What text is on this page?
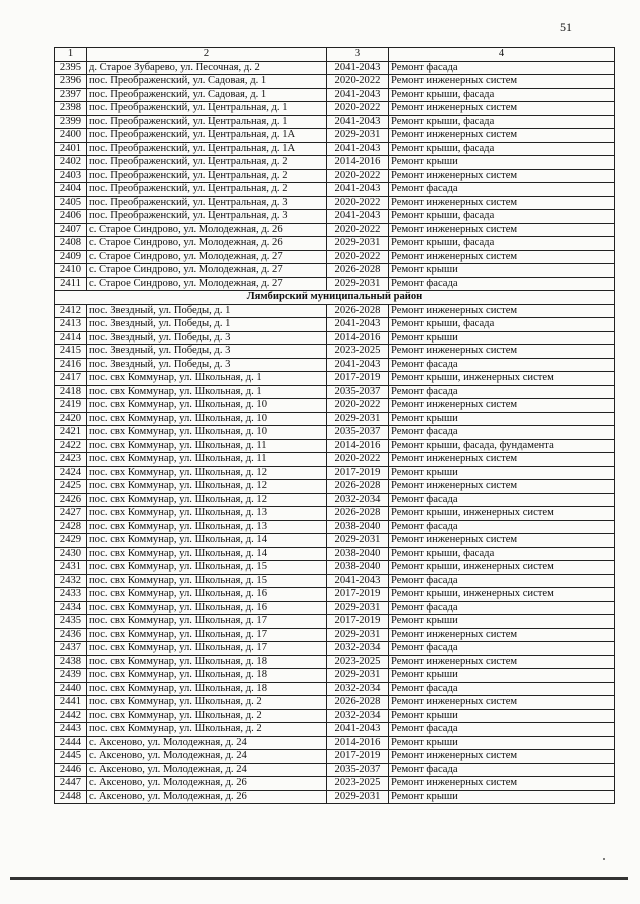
51
1	2	3	4
2395	д. Старое Зубарево, ул. Песочная, д. 2	2041-2043	Ремонт фасада
2396	пос. Преображенский, ул. Садовая, д. 1	2020-2022	Ремонт инженерных систем
2397	пос. Преображенский, ул. Садовая, д. 1	2041-2043	Ремонт крыши, фасада
2398	пос. Преображенский, ул. Центральная, д. 1	2020-2022	Ремонт инженерных систем
2399	пос. Преображенский, ул. Центральная, д. 1	2041-2043	Ремонт крыши, фасада
2400	пос. Преображенский, ул. Центральная, д. 1А	2029-2031	Ремонт инженерных систем
2401	пос. Преображенский, ул. Центральная, д. 1А	2041-2043	Ремонт крыши, фасада
2402	пос. Преображенский, ул. Центральная, д. 2	2014-2016	Ремонт крыши
2403	пос. Преображенский, ул. Центральная, д. 2	2020-2022	Ремонт инженерных систем
2404	пос. Преображенский, ул. Центральная, д. 2	2041-2043	Ремонт фасада
2405	пос. Преображенский, ул. Центральная, д. 3	2020-2022	Ремонт инженерных систем
2406	пос. Преображенский, ул. Центральная, д. 3	2041-2043	Ремонт крыши, фасада
2407	с. Старое Синдрово, ул. Молодежная, д. 26	2020-2022	Ремонт инженерных систем
2408	с. Старое Синдрово, ул. Молодежная, д. 26	2029-2031	Ремонт крыши, фасада
2409	с. Старое Синдрово, ул. Молодежная, д. 27	2020-2022	Ремонт инженерных систем
2410	с. Старое Синдрово, ул. Молодежная, д. 27	2026-2028	Ремонт крыши
2411	с. Старое Синдрово, ул. Молодежная, д. 27	2029-2031	Ремонт фасада
Лямбирский муниципальный район			
2412	пос. Звездный, ул. Победы, д. 1	2026-2028	Ремонт инженерных систем
2413	пос. Звездный, ул. Победы, д. 1	2041-2043	Ремонт крыши, фасада
2414	пос. Звездный, ул. Победы, д. 3	2014-2016	Ремонт крыши
2415	пос. Звездный, ул. Победы, д. 3	2023-2025	Ремонт инженерных систем
2416	пос. Звездный, ул. Победы, д. 3	2041-2043	Ремонт фасада
2417	пос. свх Коммунар, ул. Школьная, д. 1	2017-2019	Ремонт крыши, инженерных систем
2418	пос. свх Коммунар, ул. Школьная, д. 1	2035-2037	Ремонт фасада
2419	пос. свх Коммунар, ул. Школьная, д. 10	2020-2022	Ремонт инженерных систем
2420	пос. свх Коммунар, ул. Школьная, д. 10	2029-2031	Ремонт крыши
2421	пос. свх Коммунар, ул. Школьная, д. 10	2035-2037	Ремонт фасада
2422	пос. свх Коммунар, ул. Школьная, д. 11	2014-2016	Ремонт крыши, фасада, фундамента
2423	пос. свх Коммунар, ул. Школьная, д. 11	2020-2022	Ремонт инженерных систем
2424	пос. свх Коммунар, ул. Школьная, д. 12	2017-2019	Ремонт крыши
2425	пос. свх Коммунар, ул. Школьная, д. 12	2026-2028	Ремонт инженерных систем
2426	пос. свх Коммунар, ул. Школьная, д. 12	2032-2034	Ремонт фасада
2427	пос. свх Коммунар, ул. Школьная, д. 13	2026-2028	Ремонт крыши, инженерных систем
2428	пос. свх Коммунар, ул. Школьная, д. 13	2038-2040	Ремонт фасада
2429	пос. свх Коммунар, ул. Школьная, д. 14	2029-2031	Ремонт инженерных систем
2430	пос. свх Коммунар, ул. Школьная, д. 14	2038-2040	Ремонт крыши, фасада
2431	пос. свх Коммунар, ул. Школьная, д. 15	2038-2040	Ремонт крыши, инженерных систем
2432	пос. свх Коммунар, ул. Школьная, д. 15	2041-2043	Ремонт фасада
2433	пос. свх Коммунар, ул. Школьная, д. 16	2017-2019	Ремонт крыши, инженерных систем
2434	пос. свх Коммунар, ул. Школьная, д. 16	2029-2031	Ремонт фасада
2435	пос. свх Коммунар, ул. Школьная, д. 17	2017-2019	Ремонт крыши
2436	пос. свх Коммунар, ул. Школьная, д. 17	2029-2031	Ремонт инженерных систем
2437	пос. свх Коммунар, ул. Школьная, д. 17	2032-2034	Ремонт фасада
2438	пос. свх Коммунар, ул. Школьная, д. 18	2023-2025	Ремонт инженерных систем
2439	пос. свх Коммунар, ул. Школьная, д. 18	2029-2031	Ремонт крыши
2440	пос. свх Коммунар, ул. Школьная, д. 18	2032-2034	Ремонт фасада
2441	пос. свх Коммунар, ул. Школьная, д. 2	2026-2028	Ремонт инженерных систем
2442	пос. свх Коммунар, ул. Школьная, д. 2	2032-2034	Ремонт крыши
2443	пос. свх Коммунар, ул. Школьная, д. 2	2041-2043	Ремонт фасада
2444	с. Аксеново, ул. Молодежная, д. 24	2014-2016	Ремонт крыши
2445	с. Аксеново, ул. Молодежная, д. 24	2017-2019	Ремонт инженерных систем
2446	с. Аксеново, ул. Молодежная, д. 24	2035-2037	Ремонт фасада
2447	с. Аксеново, ул. Молодежная, д. 26	2023-2025	Ремонт инженерных систем
2448	с. Аксеново, ул. Молодежная, д. 26	2029-2031	Ремонт крыши
